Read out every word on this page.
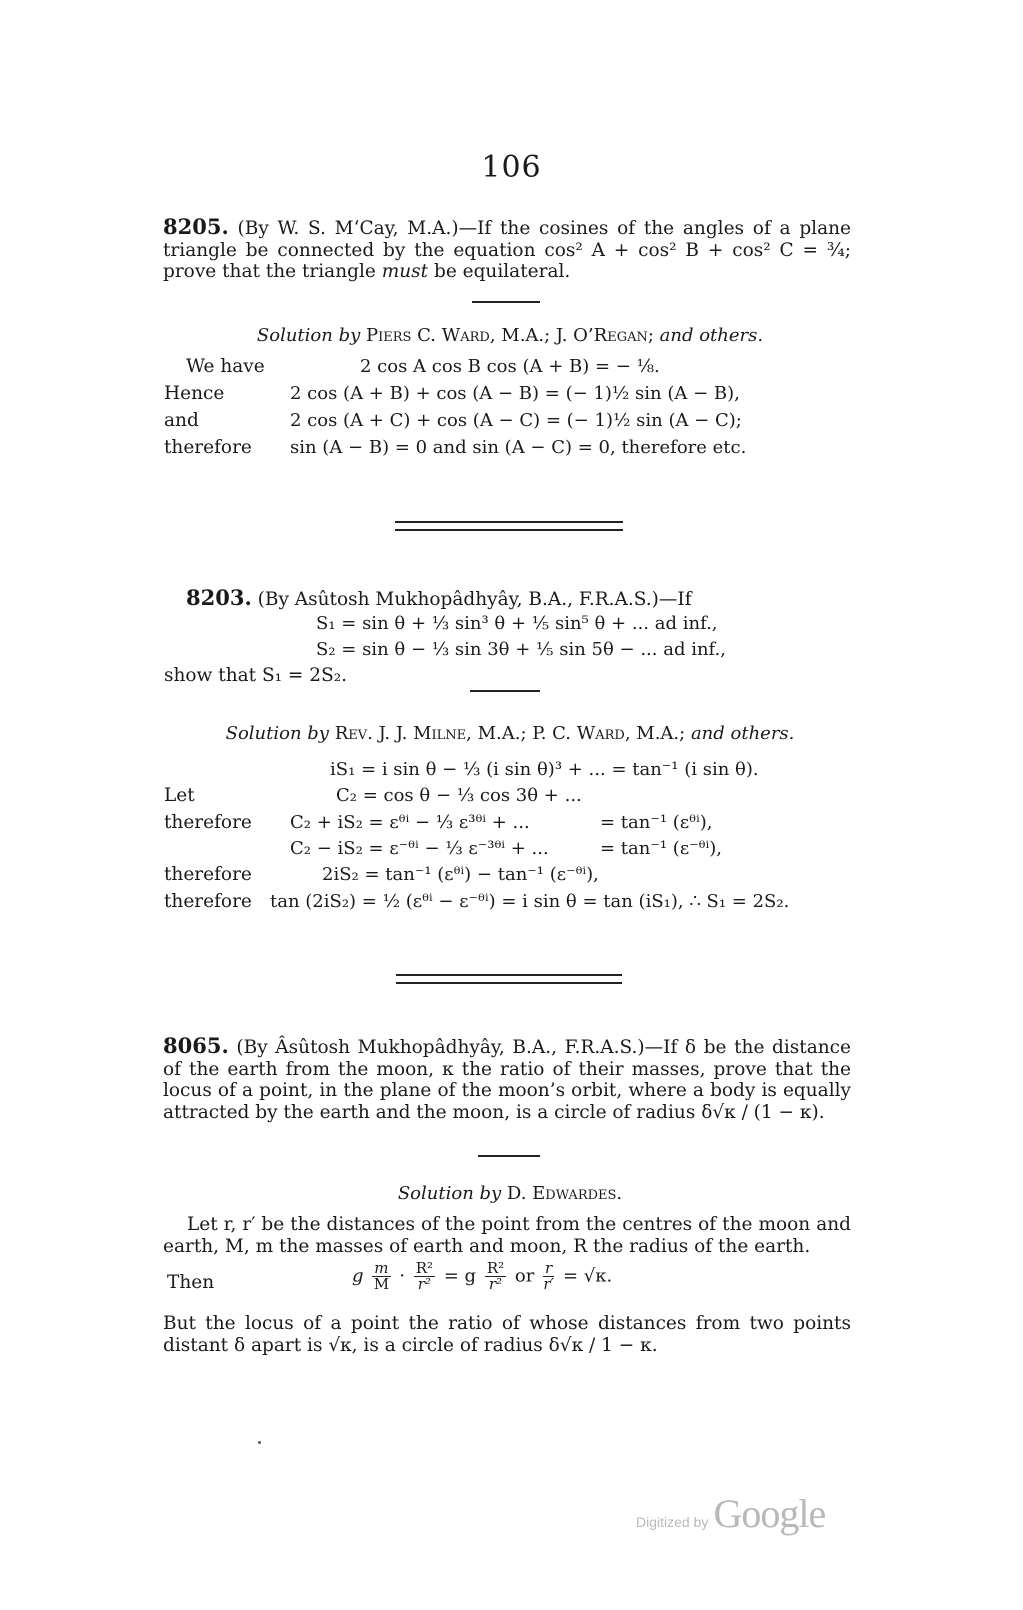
106
8205. (By W. S. M‘Cay, M.A.)—If the cosines of the angles of a plane triangle be connected by the equation cos² A + cos² B + cos² C = ¾; prove that the triangle must be equilateral.
Solution by Piers C. Ward, M.A.; J. O’Regan; and others.
We have	2 cos A cos B cos (A + B) = − ⅛.
Hence	2 cos (A + B) + cos (A − B) = (− 1)½ sin (A − B),
and	2 cos (A + C) + cos (A − C) = (− 1)½ sin (A − C);
therefore sin (A − B) = 0 and sin (A − C) = 0, therefore etc.
8203. (By Asûtosh Mukhopâdhyây, B.A., F.R.A.S.)—If
S₁ = sin θ + ⅓ sin³ θ + ⅕ sin⁵ θ + ... ad inf.,
S₂ = sin θ − ⅓ sin 3θ + ⅕ sin 5θ − ... ad inf.,
show that S₁ = 2S₂.
Solution by Rev. J. J. Milne, M.A.; P. C. Ward, M.A.; and others.
iS₁ = i sin θ − ⅓ (i sin θ)³ + ... = tan⁻¹ (i sin θ).
Let	C₂ = cos θ − ⅓ cos 3θ + ...
therefore C₂ + iS₂ = εᶿⁱ − ⅓ ε³ᶿⁱ + ...	= tan⁻¹ (εᶿⁱ),
C₂ − iS₂ = ε⁻ᶿⁱ − ⅓ ε⁻³ᶿⁱ + ...	= tan⁻¹ (ε⁻ᶿⁱ),
therefore	2iS₂ = tan⁻¹ (εᶿⁱ) − tan⁻¹ (ε⁻ᶿⁱ),
therefore tan (2iS₂) = ½ (εᶿⁱ − ε⁻ᶿⁱ) = i sin θ = tan (iS₁), ∴ S₁ = 2S₂.
8065. (By Âsûtosh Mukhopâdhyây, B.A., F.R.A.S.)—If δ be the distance of the earth from the moon, κ the ratio of their masses, prove that the locus of a point, in the plane of the moon’s orbit, where a body is equally attracted by the earth and the moon, is a circle of radius δ√κ / (1 − κ).
Solution by D. Edwardes.
Let r, r′ be the distances of the point from the centres of the moon and earth, M, m the masses of earth and moon, R the radius of the earth.
Then	g $\frac{m}{M} \cdot \frac{\text{R²}}{\text{r²}} = g \frac{\text{R²}}{\text{r²}}$ or $\frac{r}{r'} = √\kappa$.
But the locus of a point the ratio of whose distances from two points distant δ apart is √κ, is a circle of radius δ√κ / 1 − κ.
Digitized by Google
